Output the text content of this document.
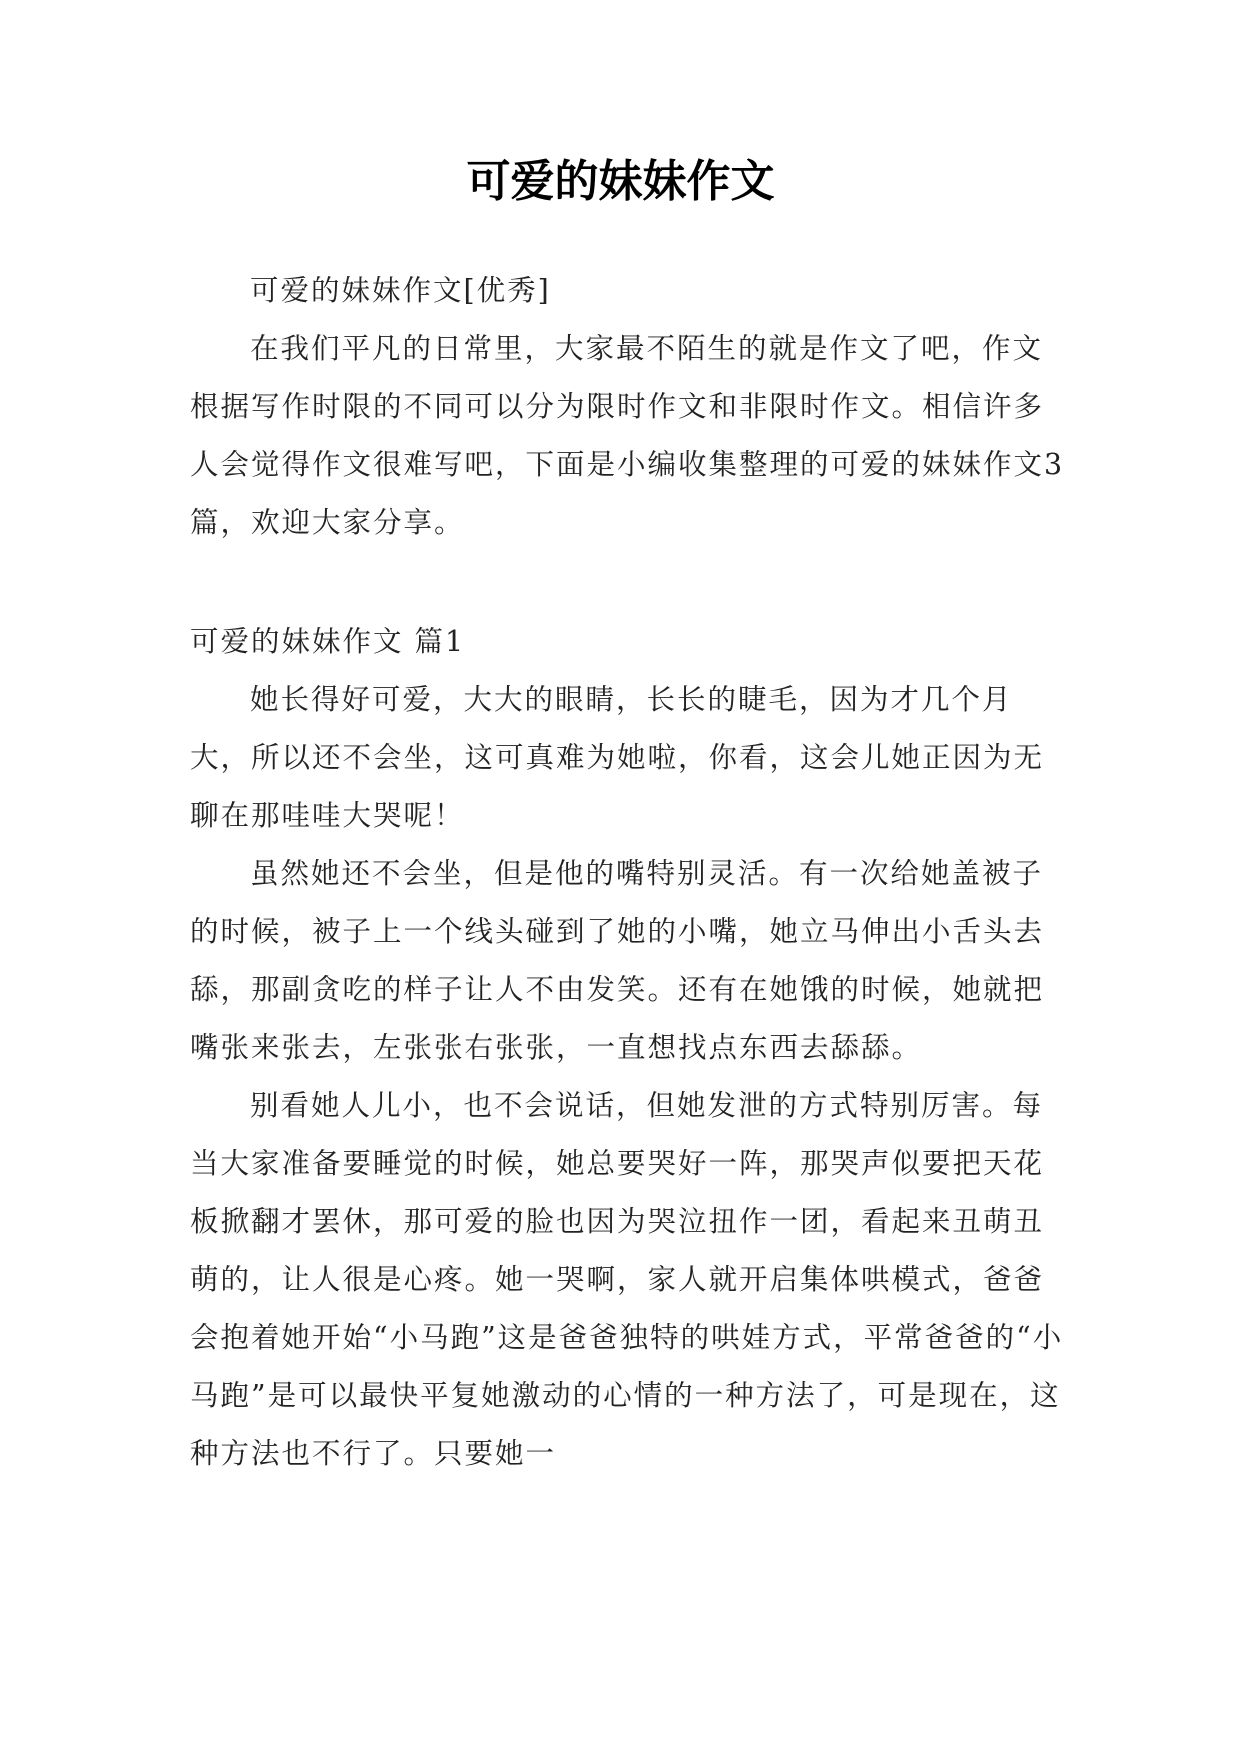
可爱的妹妹作文

可爱的妹妹作文[优秀]

在我们平凡的日常里，大家最不陌生的就是作文了吧，作文根据写作时限的不同可以分为限时作文和非限时作文。相信许多人会觉得作文很难写吧，下面是小编收集整理的可爱的妹妹作文3篇，欢迎大家分享。

可爱的妹妹作文 篇1

她长得好可爱，大大的眼睛，长长的睫毛，因为才几个月大，所以还不会坐，这可真难为她啦，你看，这会儿她正因为无聊在那哇哇大哭呢！

虽然她还不会坐，但是他的嘴特别灵活。有一次给她盖被子的时候，被子上一个线头碰到了她的小嘴，她立马伸出小舌头去舔，那副贪吃的样子让人不由发笑。还有在她饿的时候，她就把嘴张来张去，左张张右张张，一直想找点东西去舔舔。

别看她人儿小，也不会说话，但她发泄的方式特别厉害。每当大家准备要睡觉的时候，她总要哭好一阵，那哭声似要把天花板掀翻才罢休，那可爱的脸也因为哭泣扭作一团，看起来丑萌丑萌的，让人很是心疼。她一哭啊，家人就开启集体哄模式，爸爸会抱着她开始“小马跑”这是爸爸独特的哄娃方式，平常爸爸的“小马跑”是可以最快平复她激动的心情的一种方法了，可是现在，这种方法也不行了。只要她一
